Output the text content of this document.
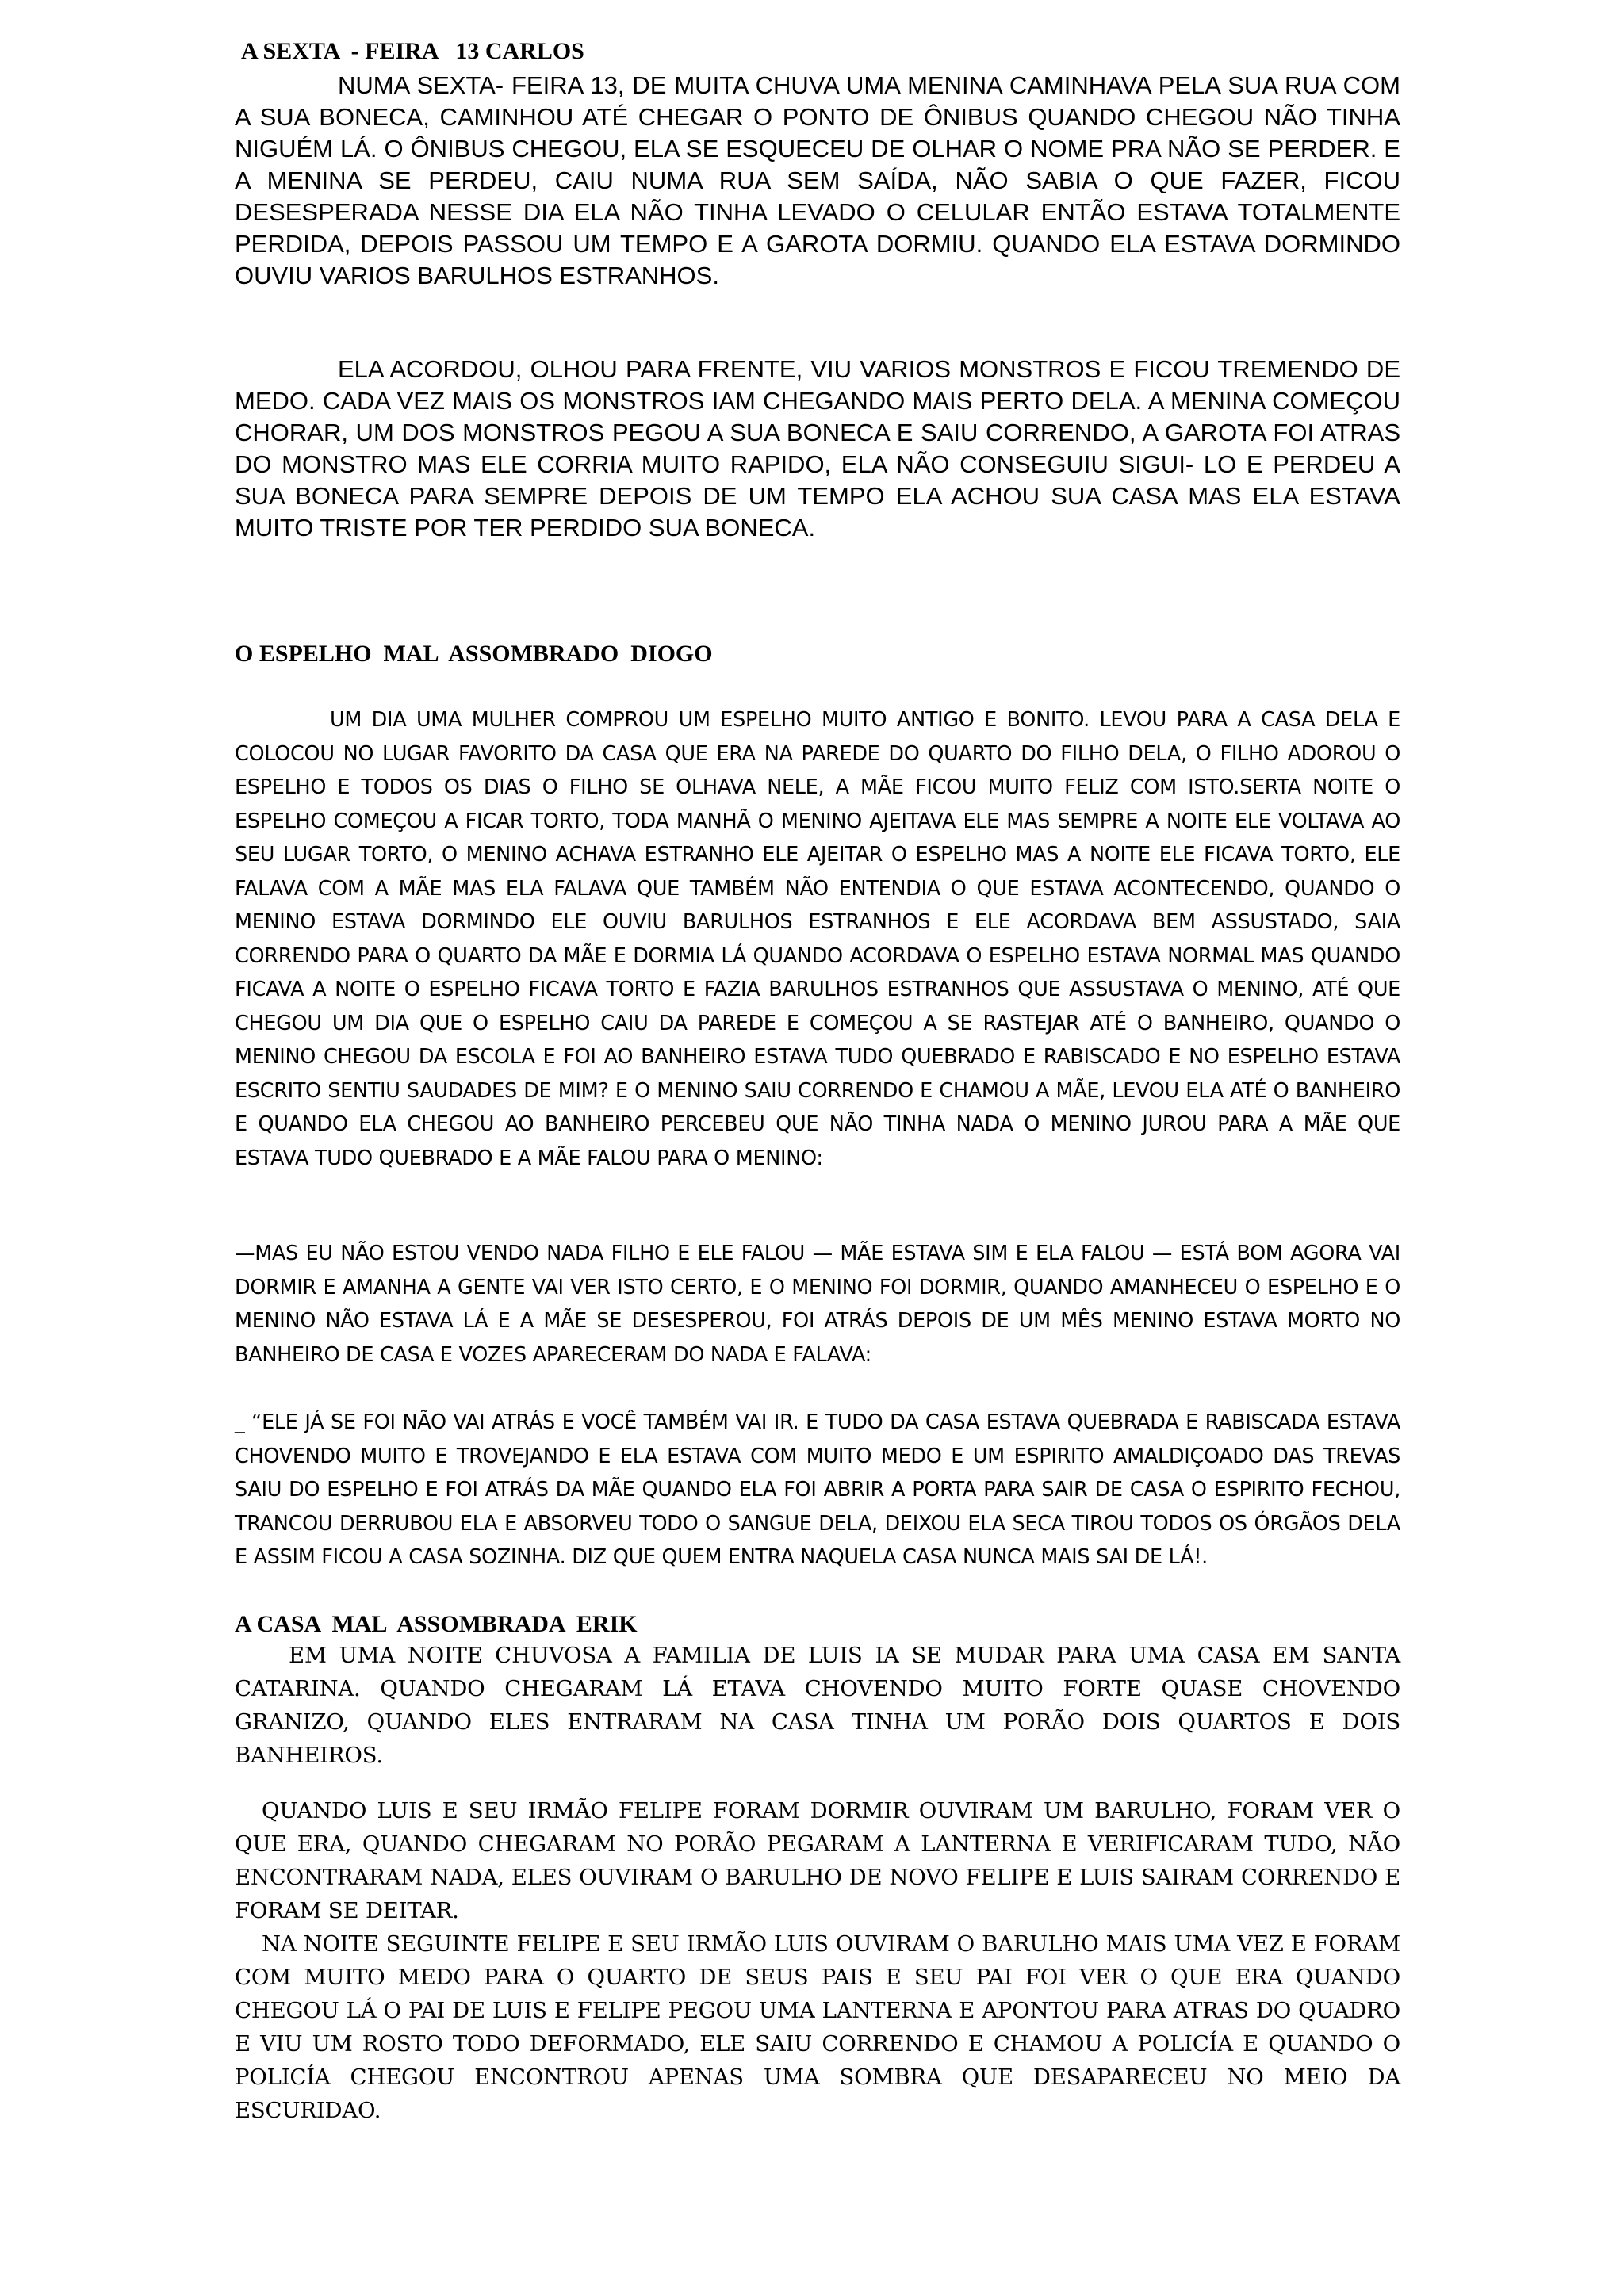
A SEXTA  - FEIRA   13 CARLOS

NUMA SEXTA- FEIRA 13, DE MUITA CHUVA UMA MENINA CAMINHAVA PELA SUA RUA COM A SUA BONECA, CAMINHOU ATÉ CHEGAR O PONTO DE ÔNIBUS QUANDO CHEGOU NÃO TINHA NIGUÉM LÁ. O ÔNIBUS CHEGOU, ELA SE ESQUECEU DE OLHAR O NOME PRA NÃO SE PERDER. E A MENINA SE PERDEU, CAIU NUMA RUA SEM SAÍDA, NÃO SABIA O QUE FAZER, FICOU DESESPERADA NESSE DIA ELA NÃO TINHA LEVADO O CELULAR ENTÃO ESTAVA TOTALMENTE PERDIDA, DEPOIS PASSOU UM TEMPO E A GAROTA DORMIU. QUANDO ELA ESTAVA DORMINDO OUVIU VARIOS BARULHOS ESTRANHOS.

ELA ACORDOU, OLHOU PARA FRENTE, VIU VARIOS MONSTROS E FICOU TREMENDO DE MEDO. CADA VEZ MAIS OS MONSTROS IAM CHEGANDO MAIS PERTO DELA. A MENINA COMEÇOU CHORAR, UM DOS MONSTROS PEGOU A SUA BONECA E SAIU CORRENDO, A GAROTA FOI ATRAS DO MONSTRO MAS ELE CORRIA MUITO RAPIDO, ELA NÃO CONSEGUIU SIGUI- LO E PERDEU A SUA BONECA PARA SEMPRE DEPOIS DE UM TEMPO ELA ACHOU SUA CASA MAS ELA ESTAVA MUITO TRISTE POR TER PERDIDO SUA BONECA.

O ESPELHO  MAL  ASSOMBRADO  DIOGO

UM DIA UMA MULHER COMPROU UM ESPELHO MUITO ANTIGO E BONITO. LEVOU PARA A CASA DELA E COLOCOU NO LUGAR FAVORITO DA CASA QUE ERA NA PAREDE DO QUARTO DO FILHO DELA, O FILHO ADOROU O ESPELHO E TODOS OS DIAS O FILHO SE OLHAVA NELE, A MÃE FICOU MUITO FELIZ COM ISTO.SERTA NOITE O ESPELHO COMEÇOU A FICAR TORTO, TODA MANHÃ O MENINO AJEITAVA ELE MAS SEMPRE A NOITE ELE VOLTAVA AO SEU LUGAR TORTO, O MENINO ACHAVA ESTRANHO ELE AJEITAR O ESPELHO MAS A NOITE ELE FICAVA TORTO, ELE FALAVA COM A MÃE MAS ELA FALAVA QUE TAMBÉM NÃO ENTENDIA O QUE ESTAVA ACONTECENDO, QUANDO O MENINO ESTAVA DORMINDO ELE OUVIU BARULHOS ESTRANHOS E ELE ACORDAVA BEM ASSUSTADO, SAIA CORRENDO PARA O QUARTO DA MÃE E DORMIA LÁ QUANDO ACORDAVA O ESPELHO ESTAVA NORMAL MAS QUANDO FICAVA A NOITE O ESPELHO FICAVA TORTO E FAZIA BARULHOS ESTRANHOS QUE ASSUSTAVA O MENINO, ATÉ QUE CHEGOU UM DIA QUE O ESPELHO CAIU DA PAREDE E COMEÇOU A SE RASTEJAR ATÉ O BANHEIRO, QUANDO O MENINO CHEGOU DA ESCOLA E FOI AO BANHEIRO ESTAVA TUDO QUEBRADO E RABISCADO E NO ESPELHO ESTAVA ESCRITO SENTIU SAUDADES DE MIM? E O MENINO SAIU CORRENDO E CHAMOU A MÃE, LEVOU ELA ATÉ O BANHEIRO E QUANDO ELA CHEGOU AO BANHEIRO PERCEBEU QUE NÃO TINHA NADA O MENINO JUROU PARA A MÃE QUE ESTAVA TUDO QUEBRADO E A MÃE FALOU PARA O MENINO:

—MAS EU NÃO ESTOU VENDO NADA FILHO E ELE FALOU — MÃE ESTAVA SIM E ELA FALOU — ESTÁ BOM AGORA VAI DORMIR E AMANHA A GENTE VAI VER ISTO CERTO, E O MENINO FOI DORMIR, QUANDO AMANHECEU O ESPELHO E O MENINO NÃO ESTAVA LÁ E A MÃE SE DESESPEROU, FOI ATRÁS DEPOIS DE UM MÊS MENINO ESTAVA MORTO NO BANHEIRO DE CASA E VOZES APARECERAM DO NADA E FALAVA:

_ “ELE JÁ SE FOI NÃO VAI ATRÁS E VOCÊ TAMBÉM VAI IR. E TUDO DA CASA ESTAVA QUEBRADA E RABISCADA ESTAVA CHOVENDO MUITO E TROVEJANDO E ELA ESTAVA COM MUITO MEDO E UM ESPIRITO AMALDIÇOADO DAS TREVAS SAIU DO ESPELHO E FOI ATRÁS DA MÃE QUANDO ELA FOI ABRIR A PORTA PARA SAIR DE CASA O ESPIRITO FECHOU, TRANCOU DERRUBOU ELA E ABSORVEU TODO O SANGUE DELA, DEIXOU ELA SECA TIROU TODOS OS ÓRGÃOS DELA E ASSIM FICOU A CASA SOZINHA. DIZ QUE QUEM ENTRA NAQUELA CASA NUNCA MAIS SAI DE LÁ!.

A CASA  MAL  ASSOMBRADA  ERIK

EM UMA NOITE CHUVOSA A FAMILIA DE LUIS IA SE MUDAR PARA UMA CASA EM SANTA CATARINA. QUANDO CHEGARAM LÁ ETAVA CHOVENDO MUITO FORTE QUASE CHOVENDO GRANIZO, QUANDO ELES ENTRARAM NA CASA TINHA UM PORÃO DOIS QUARTOS E DOIS BANHEIROS.

QUANDO LUIS E SEU IRMÃO FELIPE FORAM DORMIR OUVIRAM UM BARULHO, FORAM VER O QUE ERA, QUANDO CHEGARAM NO PORÃO PEGARAM A LANTERNA E VERIFICARAM TUDO, NÃO ENCONTRARAM NADA, ELES OUVIRAM O BARULHO DE NOVO FELIPE E LUIS SAIRAM CORRENDO E FORAM SE DEITAR.

NA NOITE SEGUINTE FELIPE E SEU IRMÃO LUIS OUVIRAM O BARULHO MAIS UMA VEZ E FORAM COM MUITO MEDO PARA O QUARTO DE SEUS PAIS E SEU PAI FOI VER O QUE ERA QUANDO CHEGOU LÁ O PAI DE LUIS E FELIPE PEGOU UMA LANTERNA E APONTOU PARA ATRAS DO QUADRO E VIU UM ROSTO TODO DEFORMADO, ELE SAIU CORRENDO E CHAMOU A POLICÍA E QUANDO O POLICÍA CHEGOU ENCONTROU APENAS UMA SOMBRA QUE DESAPARECEU NO MEIO DA ESCURIDAO.
